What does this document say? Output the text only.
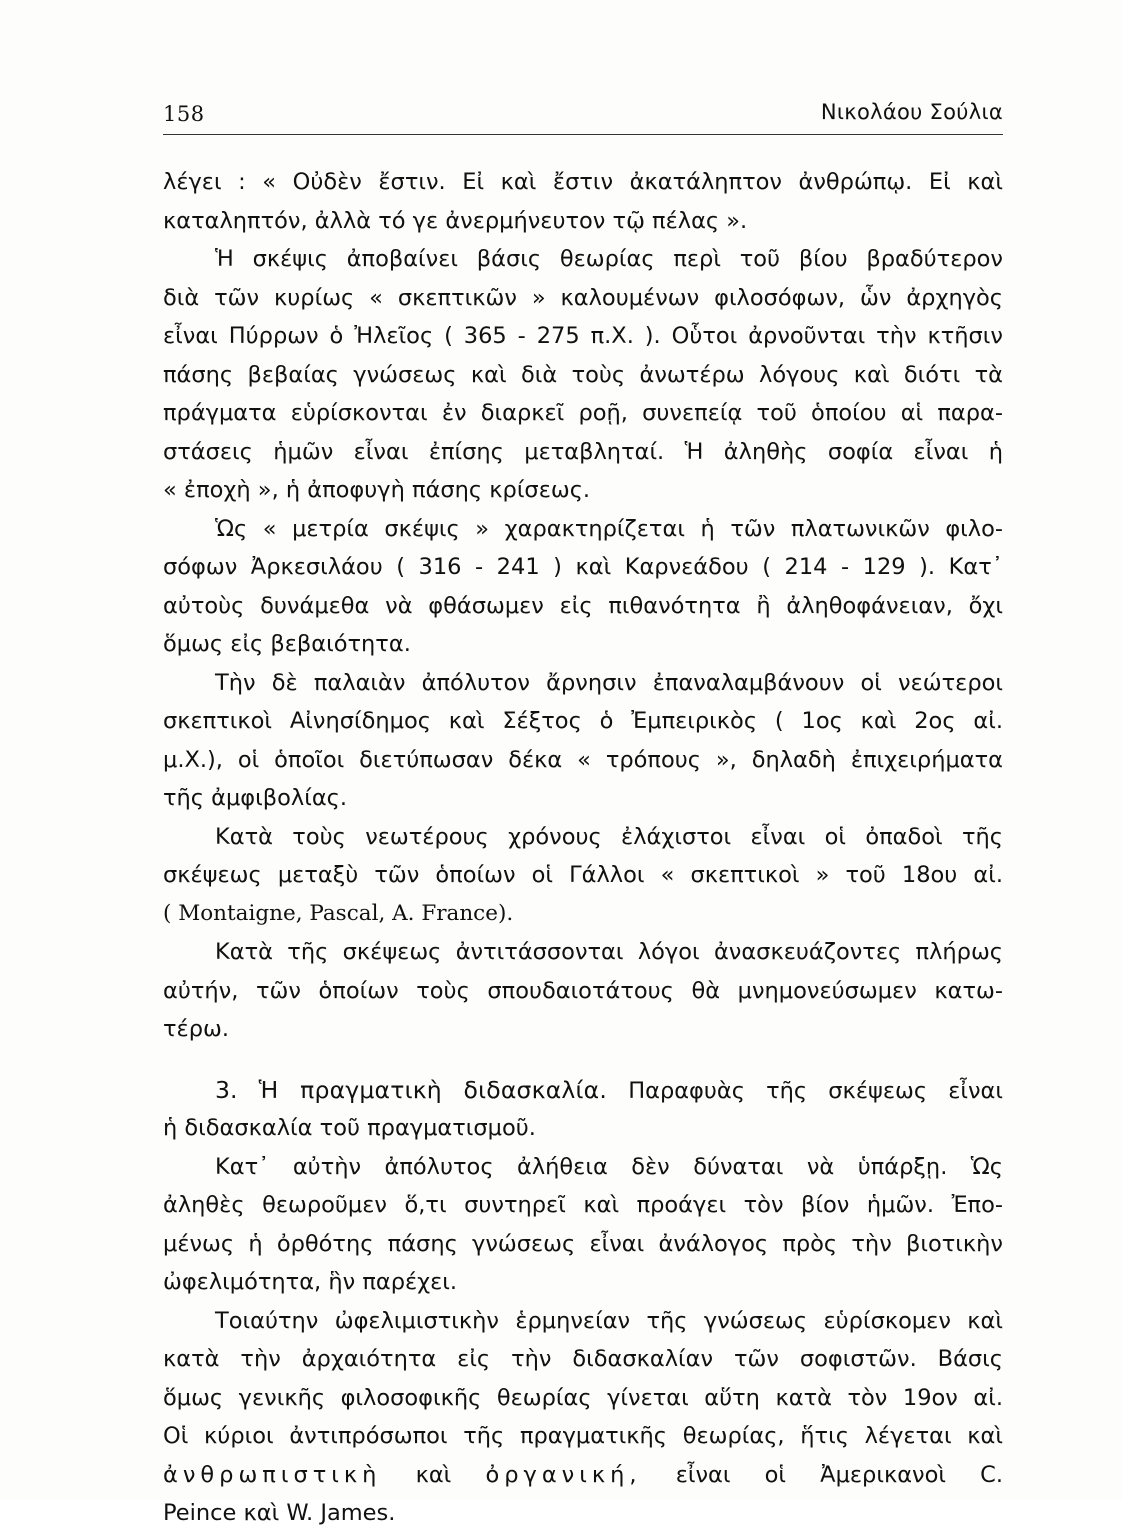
158	Νικολάου Σούλια
λέγει : « Οὐδὲν ἔστιν. Εἰ καὶ ἔστιν ἀκατάληπτον ἀνθρώπῳ. Εἰ καὶ
καταληπτόν, ἀλλὰ τό γε ἀνερμήνευτον τῷ πέλας ».
Ἡ σκέψις ἀποβαίνει βάσις θεωρίας περὶ τοῦ βίου βραδύτερον
διὰ τῶν κυρίως « σκεπτικῶν » καλουμένων φιλοσόφων, ὧν ἀρχηγὸς
εἶναι Πύρρων ὁ Ἠλεῖος ( 365 - 275 π.Χ. ). Οὗτοι ἀρνοῦνται τὴν κτῆσιν
πάσης βεβαίας γνώσεως καὶ διὰ τοὺς ἀνωτέρω λόγους καὶ διότι τὰ
πράγματα εὑρίσκονται ἐν διαρκεῖ ροῇ, συνεπείᾳ τοῦ ὁποίου αἱ παρα-
στάσεις ἡμῶν εἶναι ἐπίσης μεταβληταί. Ἡ ἀληθὴς σοφία εἶναι ἡ
« ἐποχὴ », ἡ ἀποφυγὴ πάσης κρίσεως.
Ὡς « μετρία σκέψις » χαρακτηρίζεται ἡ τῶν πλατωνικῶν φιλο-
σόφων Ἀρκεσιλάου ( 316 - 241 ) καὶ Καρνεάδου ( 214 - 129 ). Κατ᾿
αὐτοὺς δυνάμεθα νὰ φθάσωμεν εἰς πιθανότητα ἢ ἀληθοφάνειαν, ὄχι
ὅμως εἰς βεβαιότητα.
Τὴν δὲ παλαιὰν ἀπόλυτον ἄρνησιν ἐπαναλαμβάνουν οἱ νεώτεροι
σκεπτικοὶ Αἰνησίδημος καὶ Σέξτος ὁ Ἐμπειρικὸς ( 1ος καὶ 2ος αἰ.
μ.Χ.), οἱ ὁποῖοι διετύπωσαν δέκα « τρόπους », δηλαδὴ ἐπιχειρήματα
τῆς ἀμφιβολίας.
Κατὰ τοὺς νεωτέρους χρόνους ἐλάχιστοι εἶναι οἱ ὀπαδοὶ τῆς
σκέψεως μεταξὺ τῶν ὁποίων οἱ Γάλλοι « σκεπτικοὶ » τοῦ 18ου αἰ.
( Montaigne, Pascal, A. France).
Κατὰ τῆς σκέψεως ἀντιτάσσονται λόγοι ἀνασκευάζοντες πλήρως
αὐτήν, τῶν ὁποίων τοὺς σπουδαιοτάτους θὰ μνημονεύσωμεν κατω-
τέρω.
3. Ἡ πραγματικὴ διδασκαλία. Παραφυὰς τῆς σκέψεως εἶναι
ἡ διδασκαλία τοῦ πραγματισμοῦ.
Κατ᾿ αὐτὴν ἀπόλυτος ἀλήθεια δὲν δύναται νὰ ὑπάρξῃ. Ὡς
ἀληθὲς θεωροῦμεν ὅ,τι συντηρεῖ καὶ προάγει τὸν βίον ἡμῶν. Ἐπο-
μένως ἡ ὀρθότης πάσης γνώσεως εἶναι ἀνάλογος πρὸς τὴν βιοτικὴν
ὠφελιμότητα, ἣν παρέχει.
Τοιαύτην ὠφελιμιστικὴν ἑρμηνείαν τῆς γνώσεως εὑρίσκομεν καὶ
κατὰ τὴν ἀρχαιότητα εἰς τὴν διδασκαλίαν τῶν σοφιστῶν. Βάσις
ὅμως γενικῆς φιλοσοφικῆς θεωρίας γίνεται αὕτη κατὰ τὸν 19ον αἰ.
Οἱ κύριοι ἀντιπρόσωποι τῆς πραγματικῆς θεωρίας, ἥτις λέγεται καὶ
ἀνθρωπιστικὴ καὶ ὀργανική, εἶναι οἱ Ἀμερικανοὶ C.
Peince καὶ W. James.
